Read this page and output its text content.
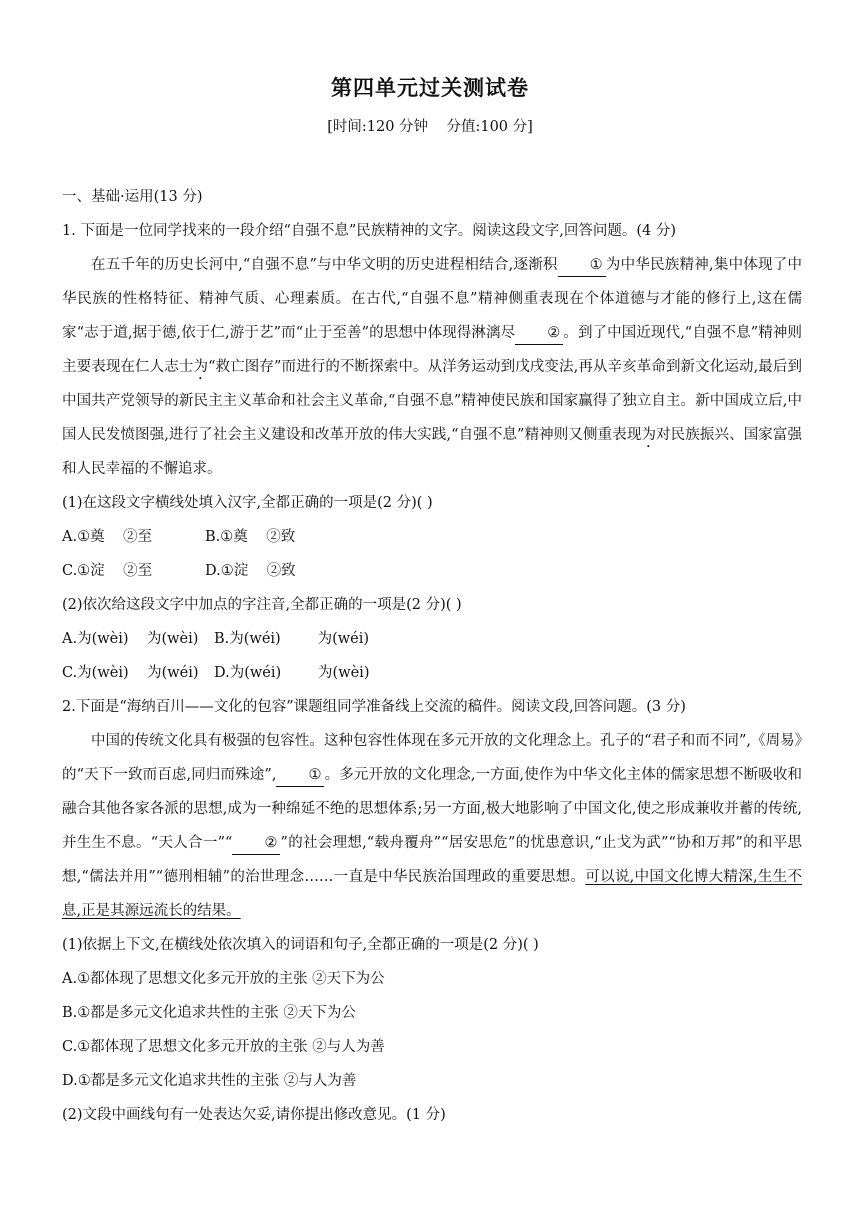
第四单元过关测试卷
[时间:120 分钟    分值:100 分]
一、基础·运用(13 分)
1. 下面是一位同学找来的一段介绍“自强不息”民族精神的文字。阅读这段文字,回答问题。(4 分)
在五千年的历史长河中,“自强不息”与中华文明的历史进程相结合,逐渐积 ① 为中华民族精神,集中体现了中华民族的性格特征、精神气质、心理素质。在古代,“自强不息”精神侧重表现在个体道德与才能的修行上,这在儒家“志于道,据于德,依于仁,游于艺”而“止于至善”的思想中体现得淋漓尽 ② 。到了中国近现代,“自强不息”精神则主要表现在仁人志士为“救亡图存”而进行的不断探索中。从洋务运动到戊戌变法,再从辛亥革命到新文化运动,最后到中国共产党领导的新民主主义革命和社会主义革命,“自强不息”精神使民族和国家赢得了独立自主。新中国成立后,中国人民发愤图强,进行了社会主义建设和改革开放的伟大实践,“自强不息”精神则又侧重表现为对民族振兴、国家富强和人民幸福的不懈追求。
(1)在这段文字横线处填入汉字,全都正确的一项是(2 分)( )
A.①奠    ②至	B.①奠    ②致
C.①淀    ②至	D.①淀    ②致
(2)依次给这段文字中加点的字注音,全都正确的一项是(2 分)( )
A.为(wèi)    为(wèi)	B.为(wéi)        为(wéi)
C.为(wèi)    为(wéi)	D.为(wéi)        为(wèi)
2.下面是“海纳百川——文化的包容”课题组同学准备线上交流的稿件。阅读文段,回答问题。(3 分)
中国的传统文化具有极强的包容性。这种包容性体现在多元开放的文化理念上。孔子的“君子和而不同”,《周易》的“天下一致而百虑,同归而殊途”, ① 。多元开放的文化理念,一方面,使作为中华文化主体的儒家思想不断吸收和融合其他各家各派的思想,成为一种绵延不绝的思想体系;另一方面,极大地影响了中国文化,使之形成兼收并蓄的传统,并生生不息。“天人合一”“ ② ”的社会理想,“载舟覆舟”“居安思危”的忧患意识,“止戈为武”“协和万邦”的和平思想,“儒法并用”“德刑相辅”的治世理念……一直是中华民族治国理政的重要思想。可以说,中国文化博大精深,生生不息,正是其源远流长的结果。
(1)依据上下文,在横线处依次填入的词语和句子,全都正确的一项是(2 分)( )
A.①都体现了思想文化多元开放的主张 ②天下为公
B.①都是多元文化追求共性的主张 ②天下为公
C.①都体现了思想文化多元开放的主张 ②与人为善
D.①都是多元文化追求共性的主张 ②与人为善
(2)文段中画线句有一处表达欠妥,请你提出修改意见。(1 分)
